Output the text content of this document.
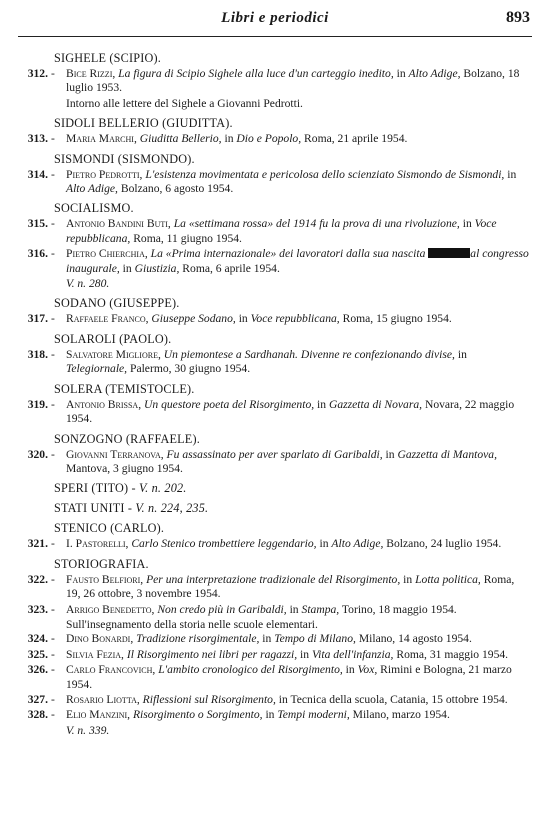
Libri e periodici	893
SIGHELE (SCIPIO).
312. - Bice Rizzi, La figura di Scipio Sighele alla luce d'un carteggio inedito, in Alto Adige, Bolzano, 18 luglio 1953.
Intorno alle lettere del Sighele a Giovanni Pedrotti.
SIDOLI BELLERIO (GIUDITTA).
313. - Maria Marchi, Giuditta Bellerio, in Dio e Popolo, Roma, 21 aprile 1954.
SISMONDI (SISMONDO).
314. - Pietro Pedrotti, L'esistenza movimentata e pericolosa dello scienziato Sismondo de Sismondi, in Alto Adige, Bolzano, 6 agosto 1954.
SOCIALISMO.
315. - Antonio Bandini Buti, La «settimana rossa» del 1914 fu la prova di una rivoluzione, in Voce repubblicana, Roma, 11 giugno 1954.
316. - Pietro Chierchia, La «Prima internazionale» dei lavoratori dalla sua nascita	al congresso inaugurale, in Giustizia, Roma, 6 aprile 1954.
V. n. 280.
SODANO (GIUSEPPE).
317. - Raffaele Franco, Giuseppe Sodano, in Voce repubblicana, Roma, 15 giugno 1954.
SOLAROLI (PAOLO).
318. - Salvatore Migliore, Un piemontese a Sardhanah. Divenne re confezionando divise, in Telegiornale, Palermo, 30 giugno 1954.
SOLERA (TEMISTOCLE).
319. - Antonio Brissa, Un questore poeta del Risorgimento, in Gazzetta di Novara, Novara, 22 maggio 1954.
SONZOGNO (RAFFAELE).
320. - Giovanni Terranova, Fu assassinato per aver sparlato di Garibaldi, in Gazzetta di Mantova, Mantova, 3 giugno 1954.
SPERI (TITO) - V. n. 202.
STATI UNITI - V. n. 224, 235.
STENICO (CARLO).
321. - I. Pastorelli, Carlo Stenico trombettiere leggendario, in Alto Adige, Bolzano, 24 luglio 1954.
STORIOGRAFIA.
322. - Fausto Belfiori, Per una interpretazione tradizionale del Risorgimento, in Lotta politica, Roma, 19, 26 ottobre, 3 novembre 1954.
323. - Arrigo Benedetto, Non credo più in Garibaldi, in Stampa, Torino, 18 maggio 1954.
Sull'insegnamento della storia nelle scuole elementari.
324. - Dino Bonardi, Tradizione risorgimentale, in Tempo di Milano, Milano, 14 agosto 1954.
325. - Silvia Fezia, Il Risorgimento nei libri per ragazzi, in Vita dell'infanzia, Roma, 31 maggio 1954.
326. - Carlo Francovich, L'ambito cronologico del Risorgimento, in Vox, Rimini e Bologna, 21 marzo 1954.
327. - Rosario Liotta, Riflessioni sul Risorgimento, in Tecnica della scuola, Catania, 15 ottobre 1954.
328. - Elio Manzini, Risorgimento o Sorgimento, in Tempi moderni, Milano, marzo 1954.
V. n. 339.
